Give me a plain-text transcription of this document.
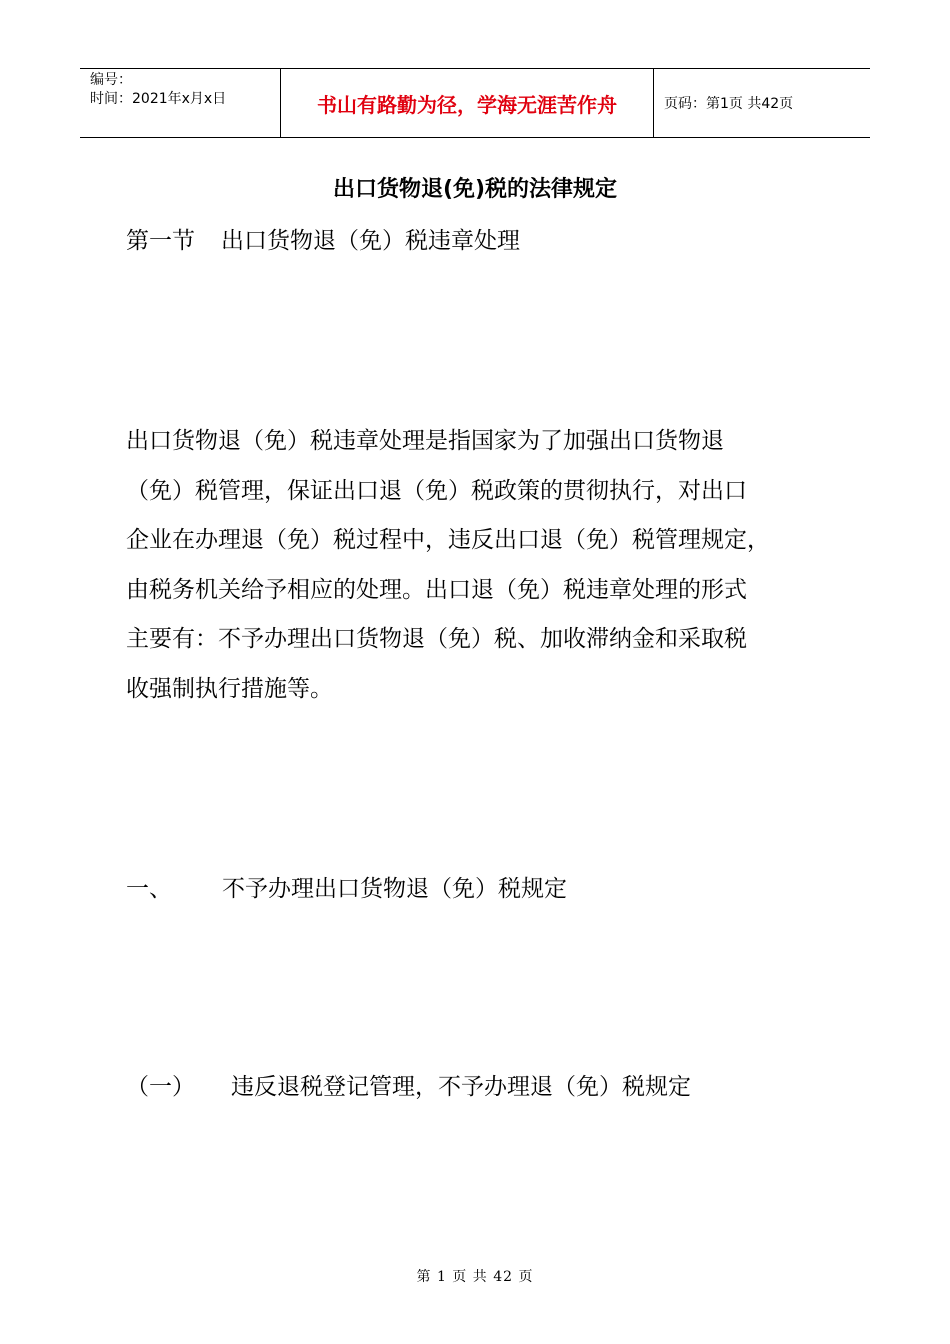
编号：
时间：2021年x月x日	书山有路勤为径，学海无涯苦作舟	页码：第1页 共42页
出口货物退(免)税的法律规定
第一节 出口货物退（免）税违章处理
出口货物退（免）税违章处理是指国家为了加强出口货物退
（免）税管理，保证出口退（免）税政策的贯彻执行，对出口
企业在办理退（免）税过程中，违反出口退（免）税管理规定，
由税务机关给予相应的处理。出口退（免）税违章处理的形式
主要有：不予办理出口货物退（免）税、加收滞纳金和采取税
收强制执行措施等。
一、 不予办理出口货物退（免）税规定
（一） 违反退税登记管理，不予办理退（免）税规定
第 1 页 共 42 页
